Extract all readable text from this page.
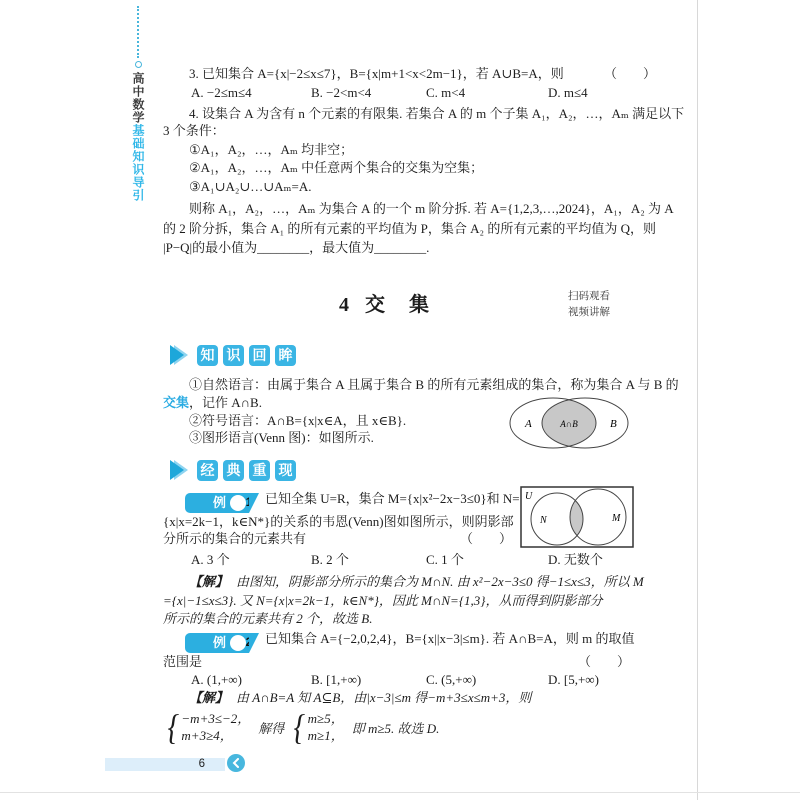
高中数学
基础知识导引

3. 已知集合 A={x|−2≤x≤7}，B={x|m+1<x<2m−1}，若 A∪B=A，则	（　　）

A. −2≤m≤4	B. −2<m<4	C. m<4	D. m≤4

4. 设集合 A 为含有 n 个元素的有限集. 若集合 A 的 m 个子集 A₁，A₂，…，Aₘ 满足以下

3 个条件：

①A₁，A₂，…，Aₘ 均非空；

②A₁，A₂，…，Aₘ 中任意两个集合的交集为空集；

③A₁∪A₂∪…∪Aₘ=A.

则称 A₁，A₂，…，Aₘ 为集合 A 的一个 m 阶分拆. 若 A={1,2,3,…,2024}，A₁，A₂ 为 A

的 2 阶分拆，集合 A₁ 的所有元素的平均值为 P，集合 A₂ 的所有元素的平均值为 Q，则

|P−Q|的最小值为________，最大值为________.

4 交　集

①自然语言：由属于集合 A 且属于集合 B 的所有元素组成的集合，称为集合 A 与 B 的

交集，记作 A∩B.

②符号语言：A∩B={x|x∈A，且 x∈B}.

③图形语言(Venn 图)：如图所示.

例	1 已知全集 U=R，集合 M={x|x²−2x−3≤0}和 N=

{x|x=2k−1，k∈N*}的关系的韦恩(Venn)图如图所示，则阴影部

分所示的集合的元素共有	（　　）

A. 3 个	B. 2 个	C. 1 个	D. 无数个

【解】 由图知，阴影部分所示的集合为 M∩N. 由 x²−2x−3≤0 得−1≤x≤3，所以 M

={x|−1≤x≤3}. 又 N={x|x=2k−1，k∈N*}，因此 M∩N={1,3}，从而得到阴影部分

所示的集合的元素共有 2 个，故选 B.

例	2 已知集合 A={−2,0,2,4}，B={x||x−3|≤m}. 若 A∩B=A，则 m 的取值

范围是	（　　）

A. (1,+∞)	B. [1,+∞)	C. (5,+∞)	D. [5,+∞)

【解】 由 A∩B=A 知 A⊆B，由|x−3|≤m 得−m+3≤x≤m+3，则

{ −m+3≤−2，
m+3≥4，	解得 { m≥5，
m≥1， 即 m≥5. 故选 D.
扫码观看
视频讲解
知 识 回 眸
经 典 重 现
A	A∩B	B
U
N	M
6
